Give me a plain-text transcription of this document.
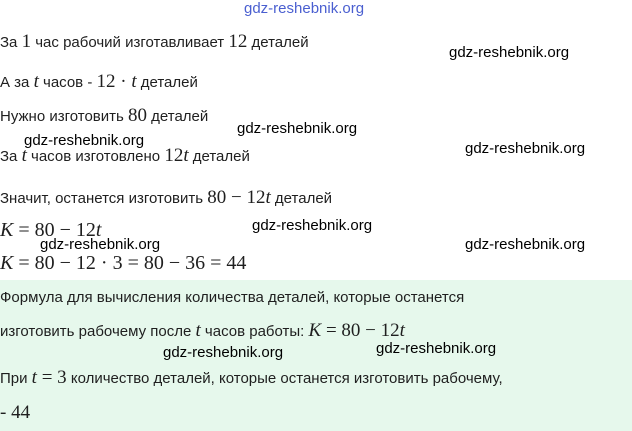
gdz-reshebnik.org
За 1 час рабочий изготавливает 12 деталей
А за t часов - 12 · t деталей
Нужно изготовить 80 деталей
За t часов изготовлено 12t деталей
Значит, останется изготовить 80 − 12t деталей
K = 80 − 12t
K = 80 − 12 · 3 = 80 − 36 = 44
Формула для вычисления количества деталей, которые останется
изготовить рабочему после t часов работы: K = 80 − 12t
При t = 3 количество деталей, которые останется изготовить рабочему,
- 44
gdz-reshebnik.org
gdz-reshebnik.org
gdz-reshebnik.org
gdz-reshebnik.org
gdz-reshebnik.org
gdz-reshebnik.org	gdz-reshebnik.org
gdz-reshebnik.org	gdz-reshebnik.org
